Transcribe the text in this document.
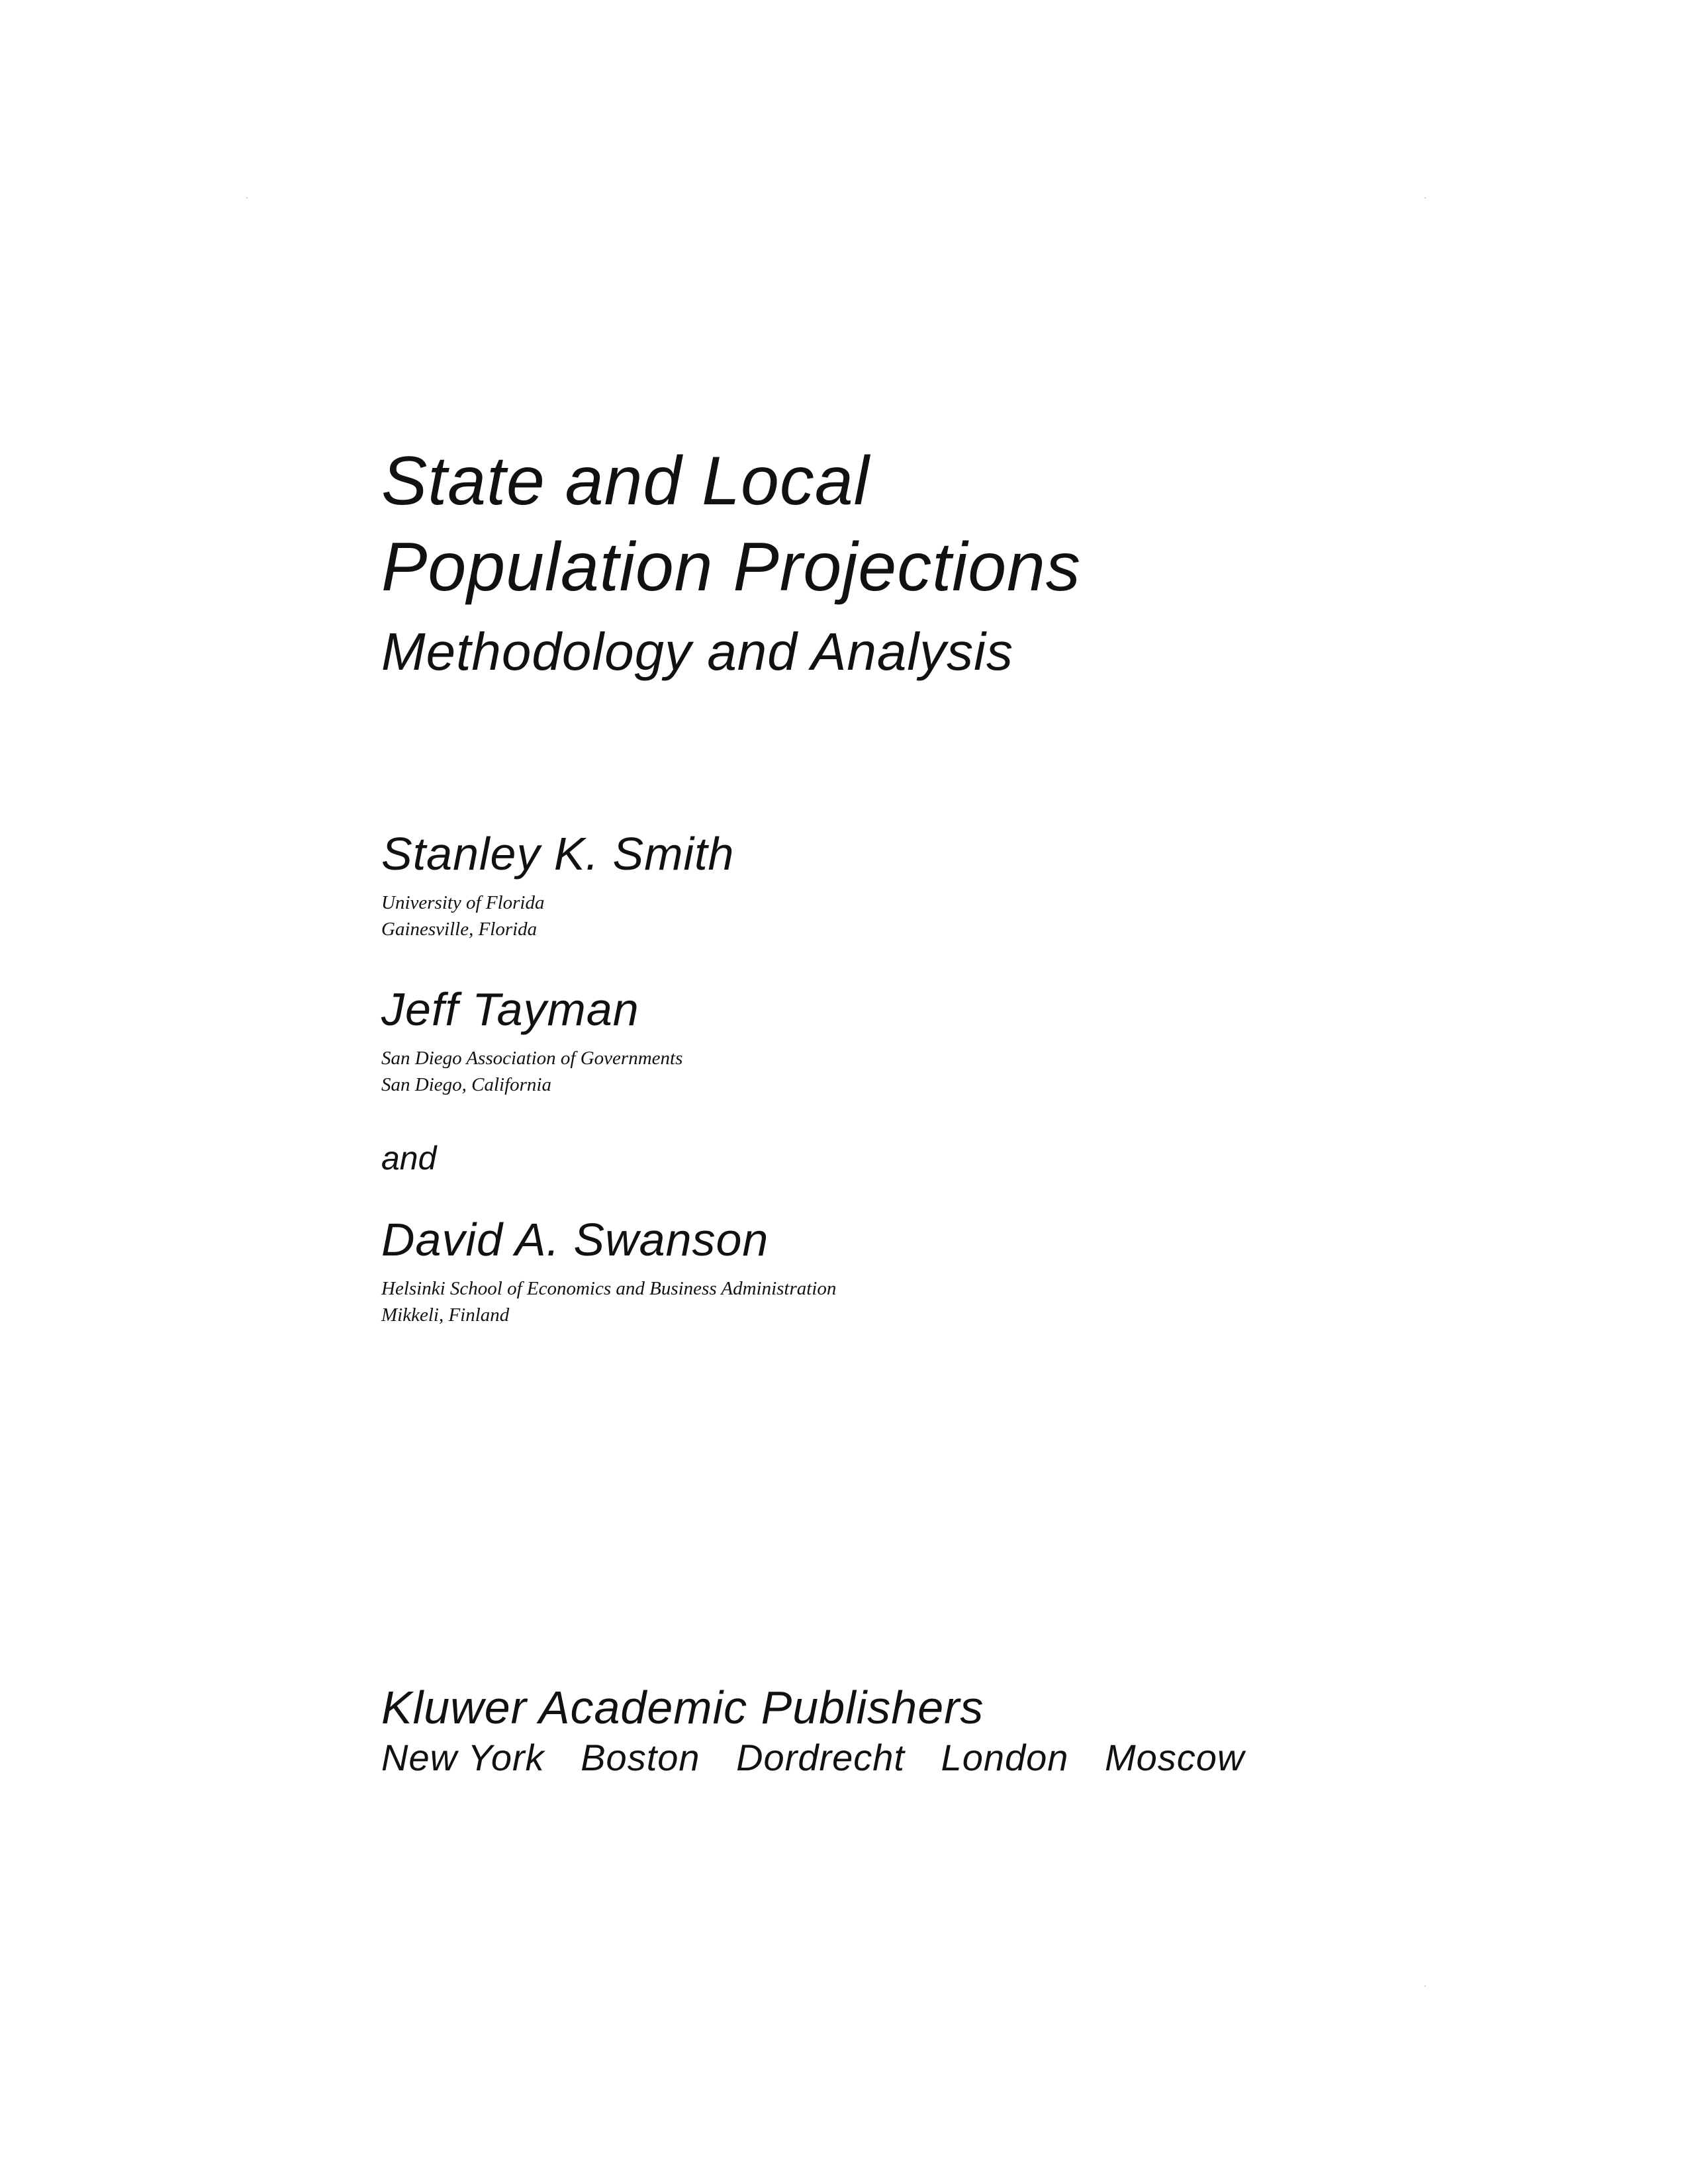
State and Local
Population Projections
Methodology and Analysis
Stanley K. Smith
University of Florida
Gainesville, Florida
Jeff Tayman
San Diego Association of Governments
San Diego, California
and
David A. Swanson
Helsinki School of Economics and Business Administration
Mikkeli, Finland
Kluwer Academic Publishers
New York Boston Dordrecht London Moscow
